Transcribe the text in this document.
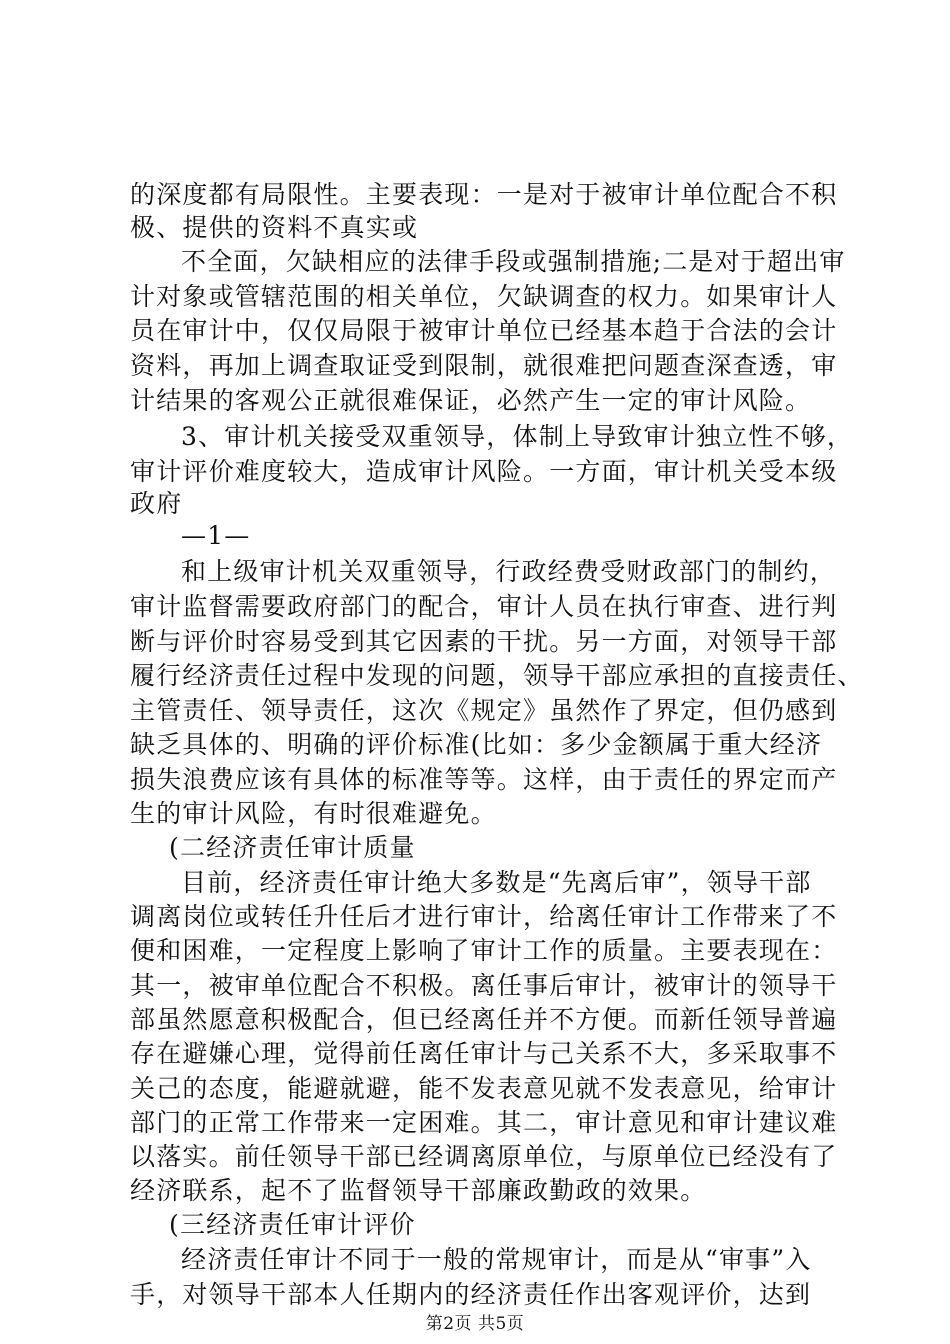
的深度都有局限性。主要表现：一是对于被审计单位配合不积
极、提供的资料不真实或
不全面，欠缺相应的法律手段或强制措施;二是对于超出审
计对象或管辖范围的相关单位，欠缺调查的权力。如果审计人
员在审计中，仅仅局限于被审计单位已经基本趋于合法的会计
资料，再加上调查取证受到限制，就很难把问题查深查透，审
计结果的客观公正就很难保证，必然产生一定的审计风险。
3、审计机关接受双重领导，体制上导致审计独立性不够，
审计评价难度较大，造成审计风险。一方面，审计机关受本级
政府
—1—
和上级审计机关双重领导，行政经费受财政部门的制约，
审计监督需要政府部门的配合，审计人员在执行审查、进行判
断与评价时容易受到其它因素的干扰。另一方面，对领导干部
履行经济责任过程中发现的问题，领导干部应承担的直接责任、
主管责任、领导责任，这次《规定》虽然作了界定，但仍感到
缺乏具体的、明确的评价标准(比如：多少金额属于重大经济
损失浪费应该有具体的标准等等。这样，由于责任的界定而产
生的审计风险，有时很难避免。
(二经济责任审计质量
目前，经济责任审计绝大多数是“先离后审”，领导干部
调离岗位或转任升任后才进行审计，给离任审计工作带来了不
便和困难，一定程度上影响了审计工作的质量。主要表现在：
其一，被审单位配合不积极。离任事后审计，被审计的领导干
部虽然愿意积极配合，但已经离任并不方便。而新任领导普遍
存在避嫌心理，觉得前任离任审计与己关系不大，多采取事不
关己的态度，能避就避，能不发表意见就不发表意见，给审计
部门的正常工作带来一定困难。其二，审计意见和审计建议难
以落实。前任领导干部已经调离原单位，与原单位已经没有了
经济联系，起不了监督领导干部廉政勤政的效果。
(三经济责任审计评价
经济责任审计不同于一般的常规审计，而是从“审事”入
手，对领导干部本人任期内的经济责任作出客观评价，达到
第2页 共5页
